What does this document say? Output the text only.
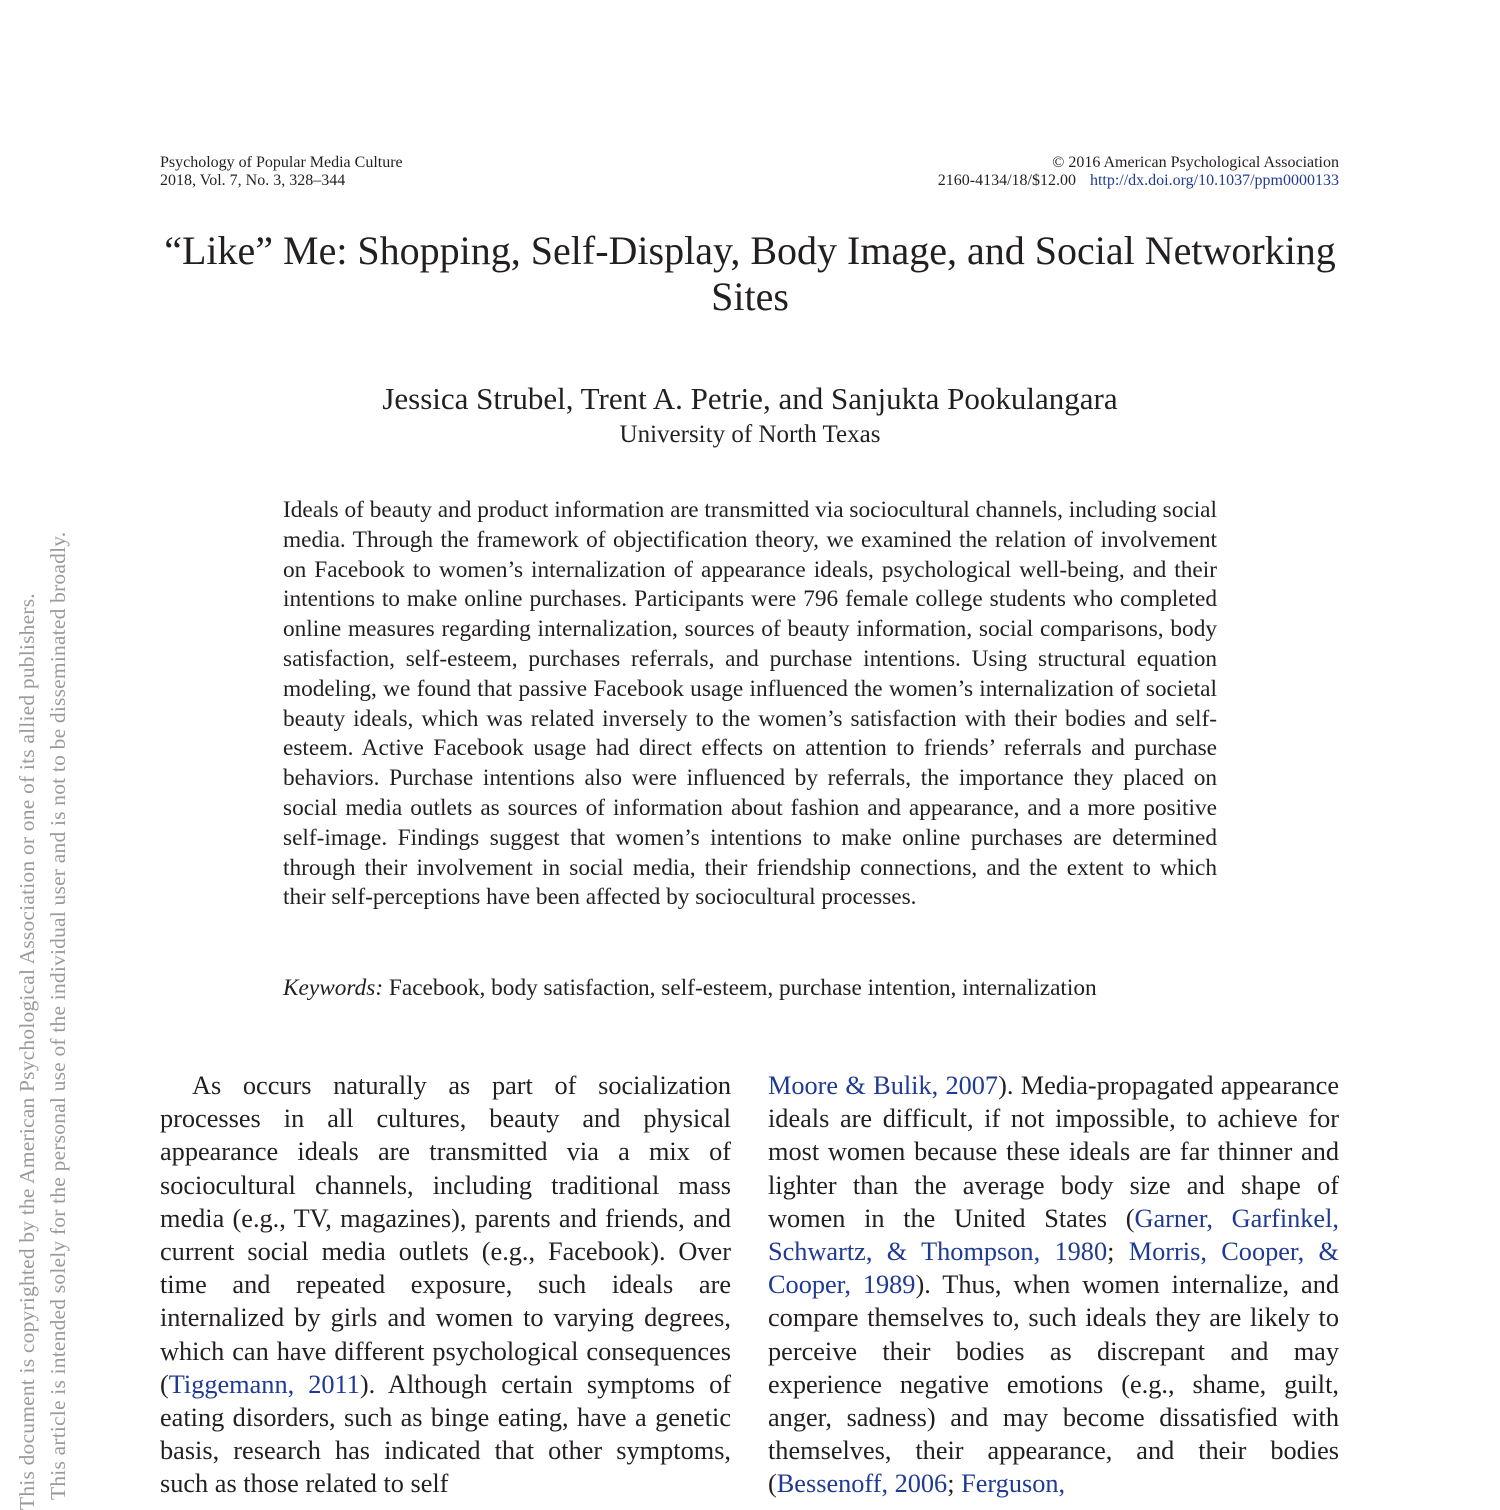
Psychology of Popular Media Culture
2018, Vol. 7, No. 3, 328–344
© 2016 American Psychological Association
2160-4134/18/$12.00 http://dx.doi.org/10.1037/ppm0000133
“Like” Me: Shopping, Self-Display, Body Image, and Social Networking Sites
Jessica Strubel, Trent A. Petrie, and Sanjukta Pookulangara
University of North Texas
Ideals of beauty and product information are transmitted via sociocultural channels, including social media. Through the framework of objectification theory, we examined the relation of involvement on Facebook to women’s internalization of appearance ideals, psychological well-being, and their intentions to make online purchases. Participants were 796 female college students who completed online measures regarding internalization, sources of beauty information, social comparisons, body satisfaction, self-esteem, purchases referrals, and purchase intentions. Using structural equation modeling, we found that passive Facebook usage influenced the women’s internalization of societal beauty ideals, which was related inversely to the women’s satisfaction with their bodies and self-esteem. Active Facebook usage had direct effects on attention to friends’ referrals and purchase behaviors. Purchase intentions also were influenced by referrals, the importance they placed on social media outlets as sources of information about fashion and appearance, and a more positive self-image. Findings suggest that women’s intentions to make online purchases are determined through their involvement in social media, their friendship connections, and the extent to which their self-perceptions have been affected by sociocultural processes.
Keywords: Facebook, body satisfaction, self-esteem, purchase intention, internalization
As occurs naturally as part of socialization processes in all cultures, beauty and physical appearance ideals are transmitted via a mix of sociocultural channels, including traditional mass media (e.g., TV, magazines), parents and friends, and current social media outlets (e.g., Facebook). Over time and repeated exposure, such ideals are internalized by girls and women to varying degrees, which can have different psychological consequences (Tiggemann, 2011). Although certain symptoms of eating disorders, such as binge eating, have a genetic basis, research has indicated that other symptoms, such as those related to self
Moore & Bulik, 2007). Media-propagated appearance ideals are difficult, if not impossible, to achieve for most women because these ideals are far thinner and lighter than the average body size and shape of women in the United States (Garner, Garfinkel, Schwartz, & Thompson, 1980; Morris, Cooper, & Cooper, 1989). Thus, when women internalize, and compare themselves to, such ideals they are likely to perceive their bodies as discrepant and may experience negative emotions (e.g., shame, guilt, anger, sadness) and may become dissatisfied with themselves, their appearance, and their bodies (Bessenoff, 2006; Ferguson,
This document is copyrighted by the American Psychological Association or one of its allied publishers. This article is intended solely for the personal use of the individual user and is not to be disseminated broadly.
